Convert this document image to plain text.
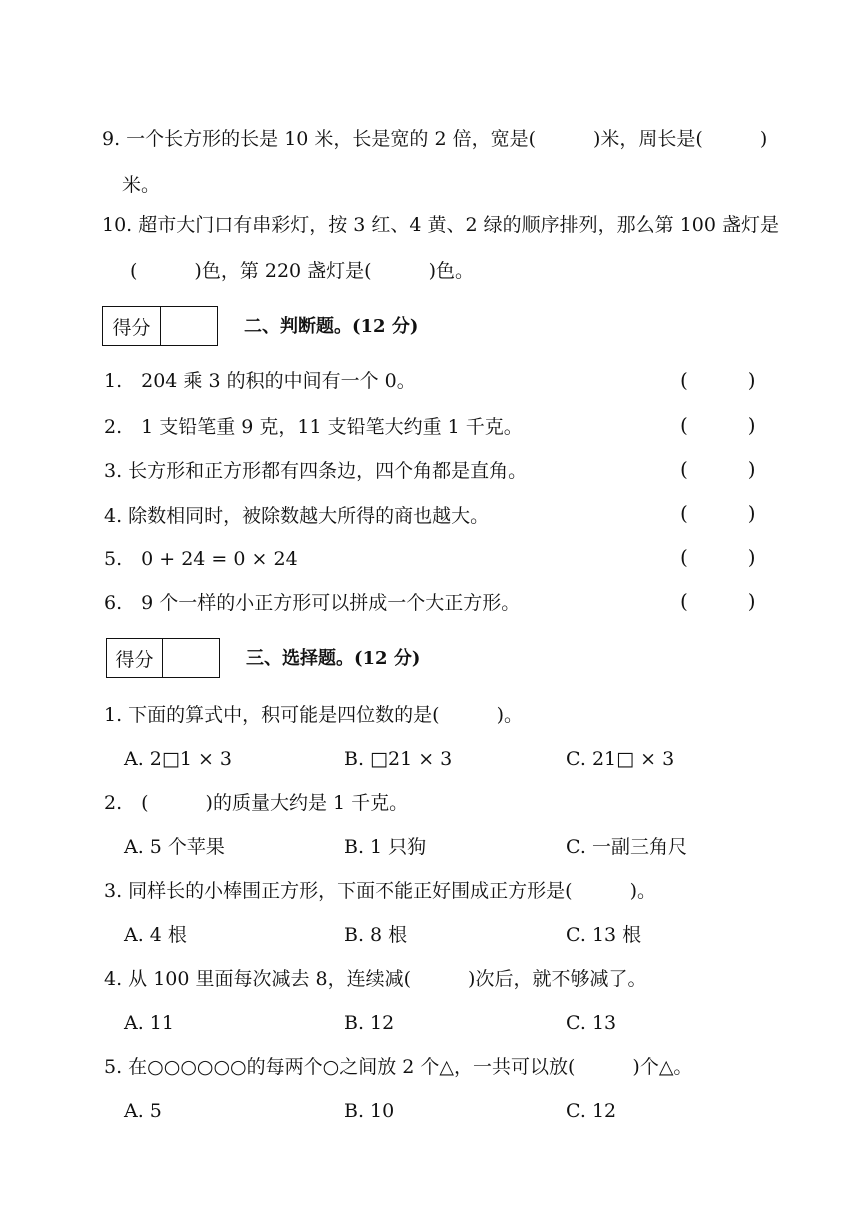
9. 一个长方形的长是 10 米，长是宽的 2 倍，宽是(　　　)米，周长是(　　　)
米。
10. 超市大门口有串彩灯，按 3 红、4 黄、2 绿的顺序排列，那么第 100 盏灯是
(　　　)色，第 220 盏灯是(　　　)色。
得分	二、判断题。(12 分)
1.　204 乘 3 的积的中间有一个 0。	(　　　)
2.　1 支铅笔重 9 克，11 支铅笔大约重 1 千克。	(　　　)
3. 长方形和正方形都有四条边，四个角都是直角。	(　　　)
4. 除数相同时，被除数越大所得的商也越大。	(　　　)
5.　0 + 24 = 0 × 24	(　　　)
6.　9 个一样的小正方形可以拼成一个大正方形。	(　　　)
得分	三、选择题。(12 分)
1. 下面的算式中，积可能是四位数的是(　　　)。
A. 2□1 × 3	B. □21 × 3	C. 21□ × 3
2.　(　　　)的质量大约是 1 千克。
A. 5 个苹果	B. 1 只狗	C. 一副三角尺
3. 同样长的小棒围正方形，下面不能正好围成正方形是(　　　)。
A. 4 根	B. 8 根	C. 13 根
4. 从 100 里面每次减去 8，连续减(　　　)次后，就不够减了。
A. 11	B. 12	C. 13
5. 在○○○○○○的每两个○之间放 2 个△，一共可以放(　　　)个△。
A. 5	B. 10	C. 12
